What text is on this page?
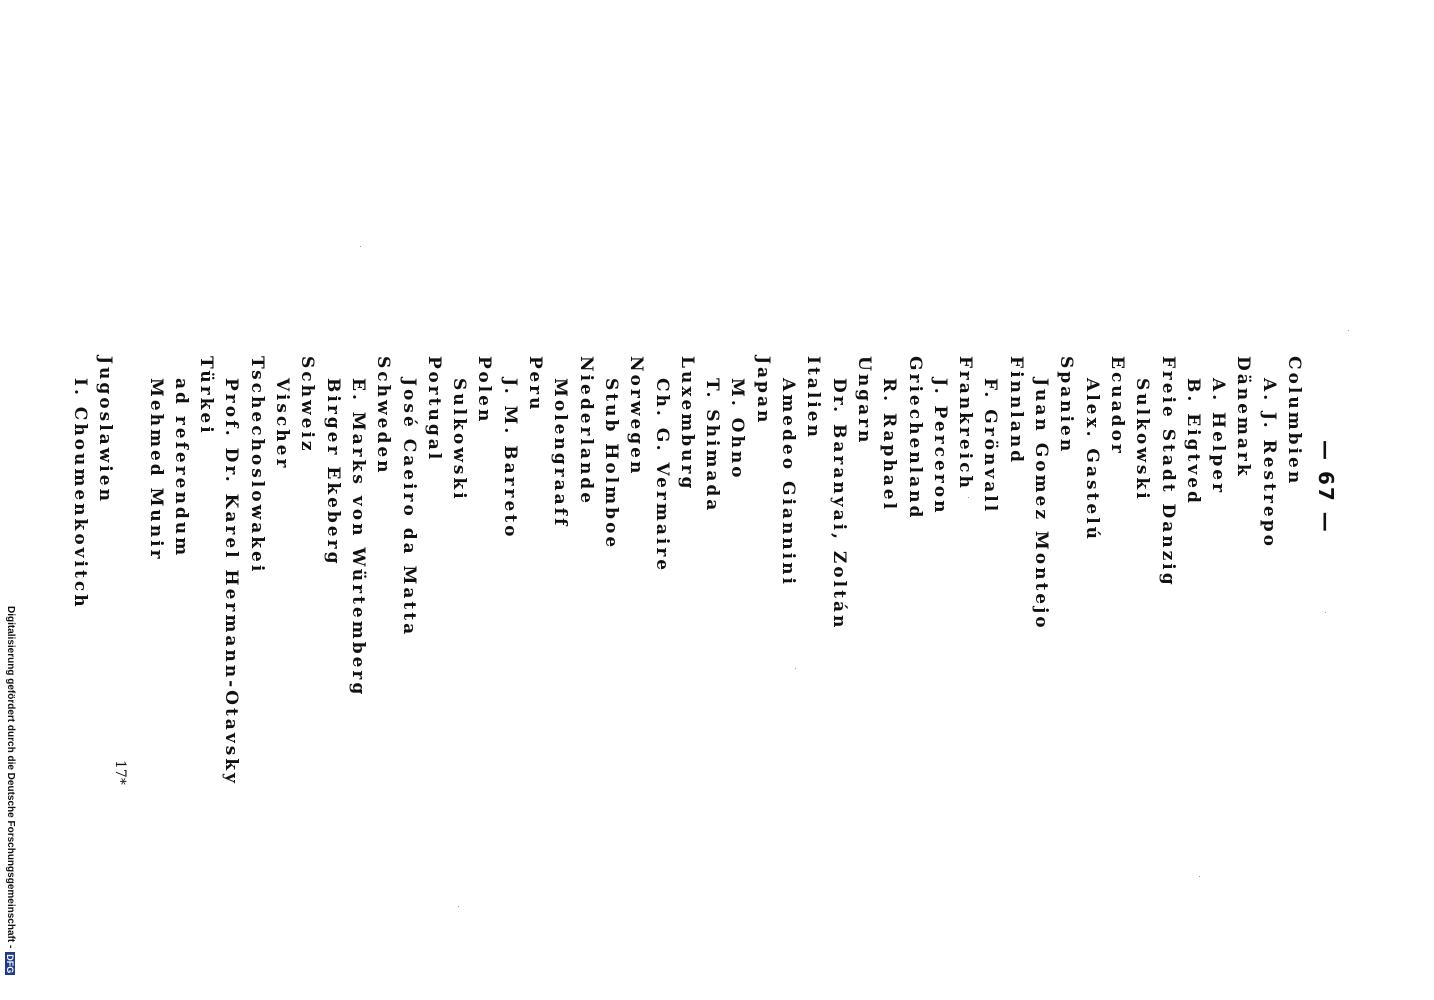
— 67 —
Columbien
A. J. Restrepo
Dänemark
A. Helper
B. Eigtved
Freie Stadt Danzig
Sulkowski
Ecuador
Alex. Gastelú
Spanien
Juan Gomez Montejo
Finnland
F. Grönvall
Frankreich
J. Perceron
Griechenland
R. Raphael
Ungarn
Dr. Baranyai, Zoltán
Italien
Amedeo Giannini
Japan
M. Ohno
T. Shimada
Luxemburg
Ch. G. Vermaire
Norwegen
Stub Holmboe
Niederlande
Molengraaff
Peru
J. M. Barreto
Polen
Sulkowski
Portugal
José Caeiro da Matta
Schweden
E. Marks von Würtemberg
Birger Ekeberg
Schweiz
Vischer
Tschechoslowakei
Prof. Dr. Karel Hermann-Otavsky
Türkei
ad referendum
Mehmed Munir
Jugoslawien
I. Choumenkovitch
17*
Digitalisierung gefördert durch die Deutsche Forschungsgemeinschaft -
DFG
